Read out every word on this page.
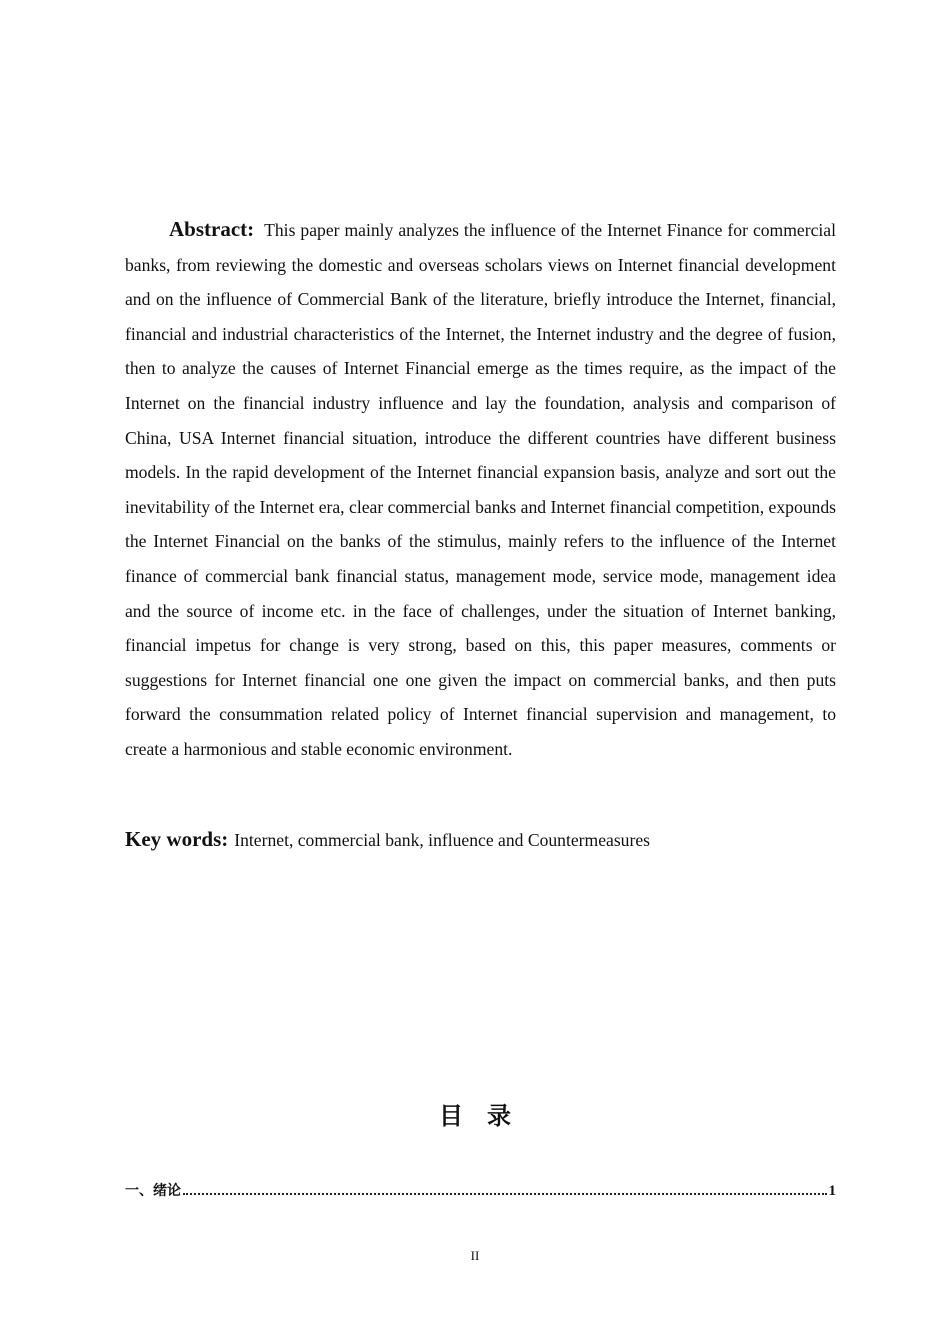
Abstract: This paper mainly analyzes the influence of the Internet Finance for commercial banks, from reviewing the domestic and overseas scholars views on Internet financial development and on the influence of Commercial Bank of the literature, briefly introduce the Internet, financial, financial and industrial characteristics of the Internet, the Internet industry and the degree of fusion, then to analyze the causes of Internet Financial emerge as the times require, as the impact of the Internet on the financial industry influence and lay the foundation, analysis and comparison of China, USA Internet financial situation, introduce the different countries have different business models. In the rapid development of the Internet financial expansion basis, analyze and sort out the inevitability of the Internet era, clear commercial banks and Internet financial competition, expounds the Internet Financial on the banks of the stimulus, mainly refers to the influence of the Internet finance of commercial bank financial status, management mode, service mode, management idea and the source of income etc. in the face of challenges, under the situation of Internet banking, financial impetus for change is very strong, based on this, this paper measures, comments or suggestions for Internet financial one one given the impact on commercial banks, and then puts forward the consummation related policy of Internet financial supervision and management, to create a harmonious and stable economic environment.

Key words: Internet, commercial bank, influence and Countermeasures

目录
一、绪论	1
II
